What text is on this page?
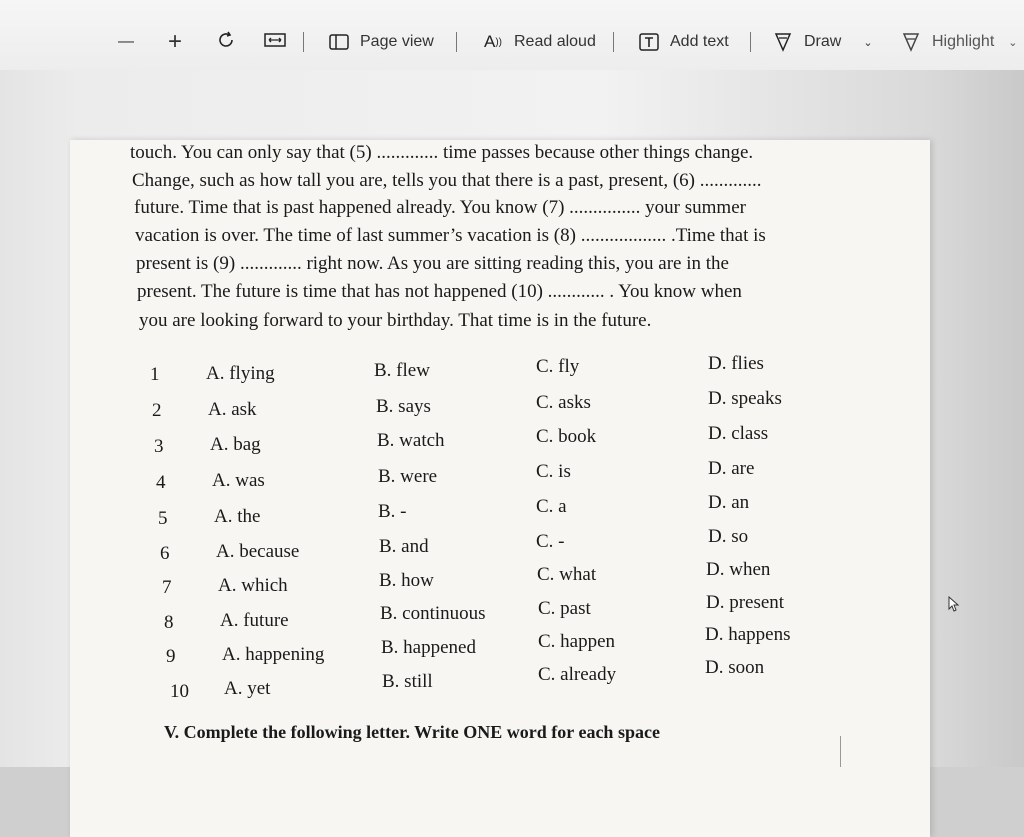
— +	Page view	A )) Read aloud	Add text	Draw ⌄	Highlight ⌄
touch. You can only say that (5) ............. time passes because other things change.
Change, such as how tall you are, tells you that there is a past, present, (6) .............
future. Time that is past happened already. You know (7) ............... your summer
vacation is over. The time of last summer’s vacation is (8) .................. .Time that is
present is (9) ............. right now. As you are sitting reading this, you are in the
present. The future is time that has not happened (10) ............ . You know when
you are looking forward to your birthday. That time is in the future.
1 A. flying	B. flew	C. fly	D. flies
2 A. ask	B. says	C. asks	D. speaks
3 A. bag	B. watch	C. book	D. class
4 A. was	B. were	C. is	D. are
5 A. the	B. -	C. a	D. an
6 A. because	B. and	C. -	D. so
7 A. which	B. how	C. what	D. when
8 A. future	B. continuous	C. past	D. present
9 A. happening	B. happened	C. happen	D. happens
10 A. yet	B. still	C. already	D. soon
V. Complete the following letter. Write ONE word for each space
